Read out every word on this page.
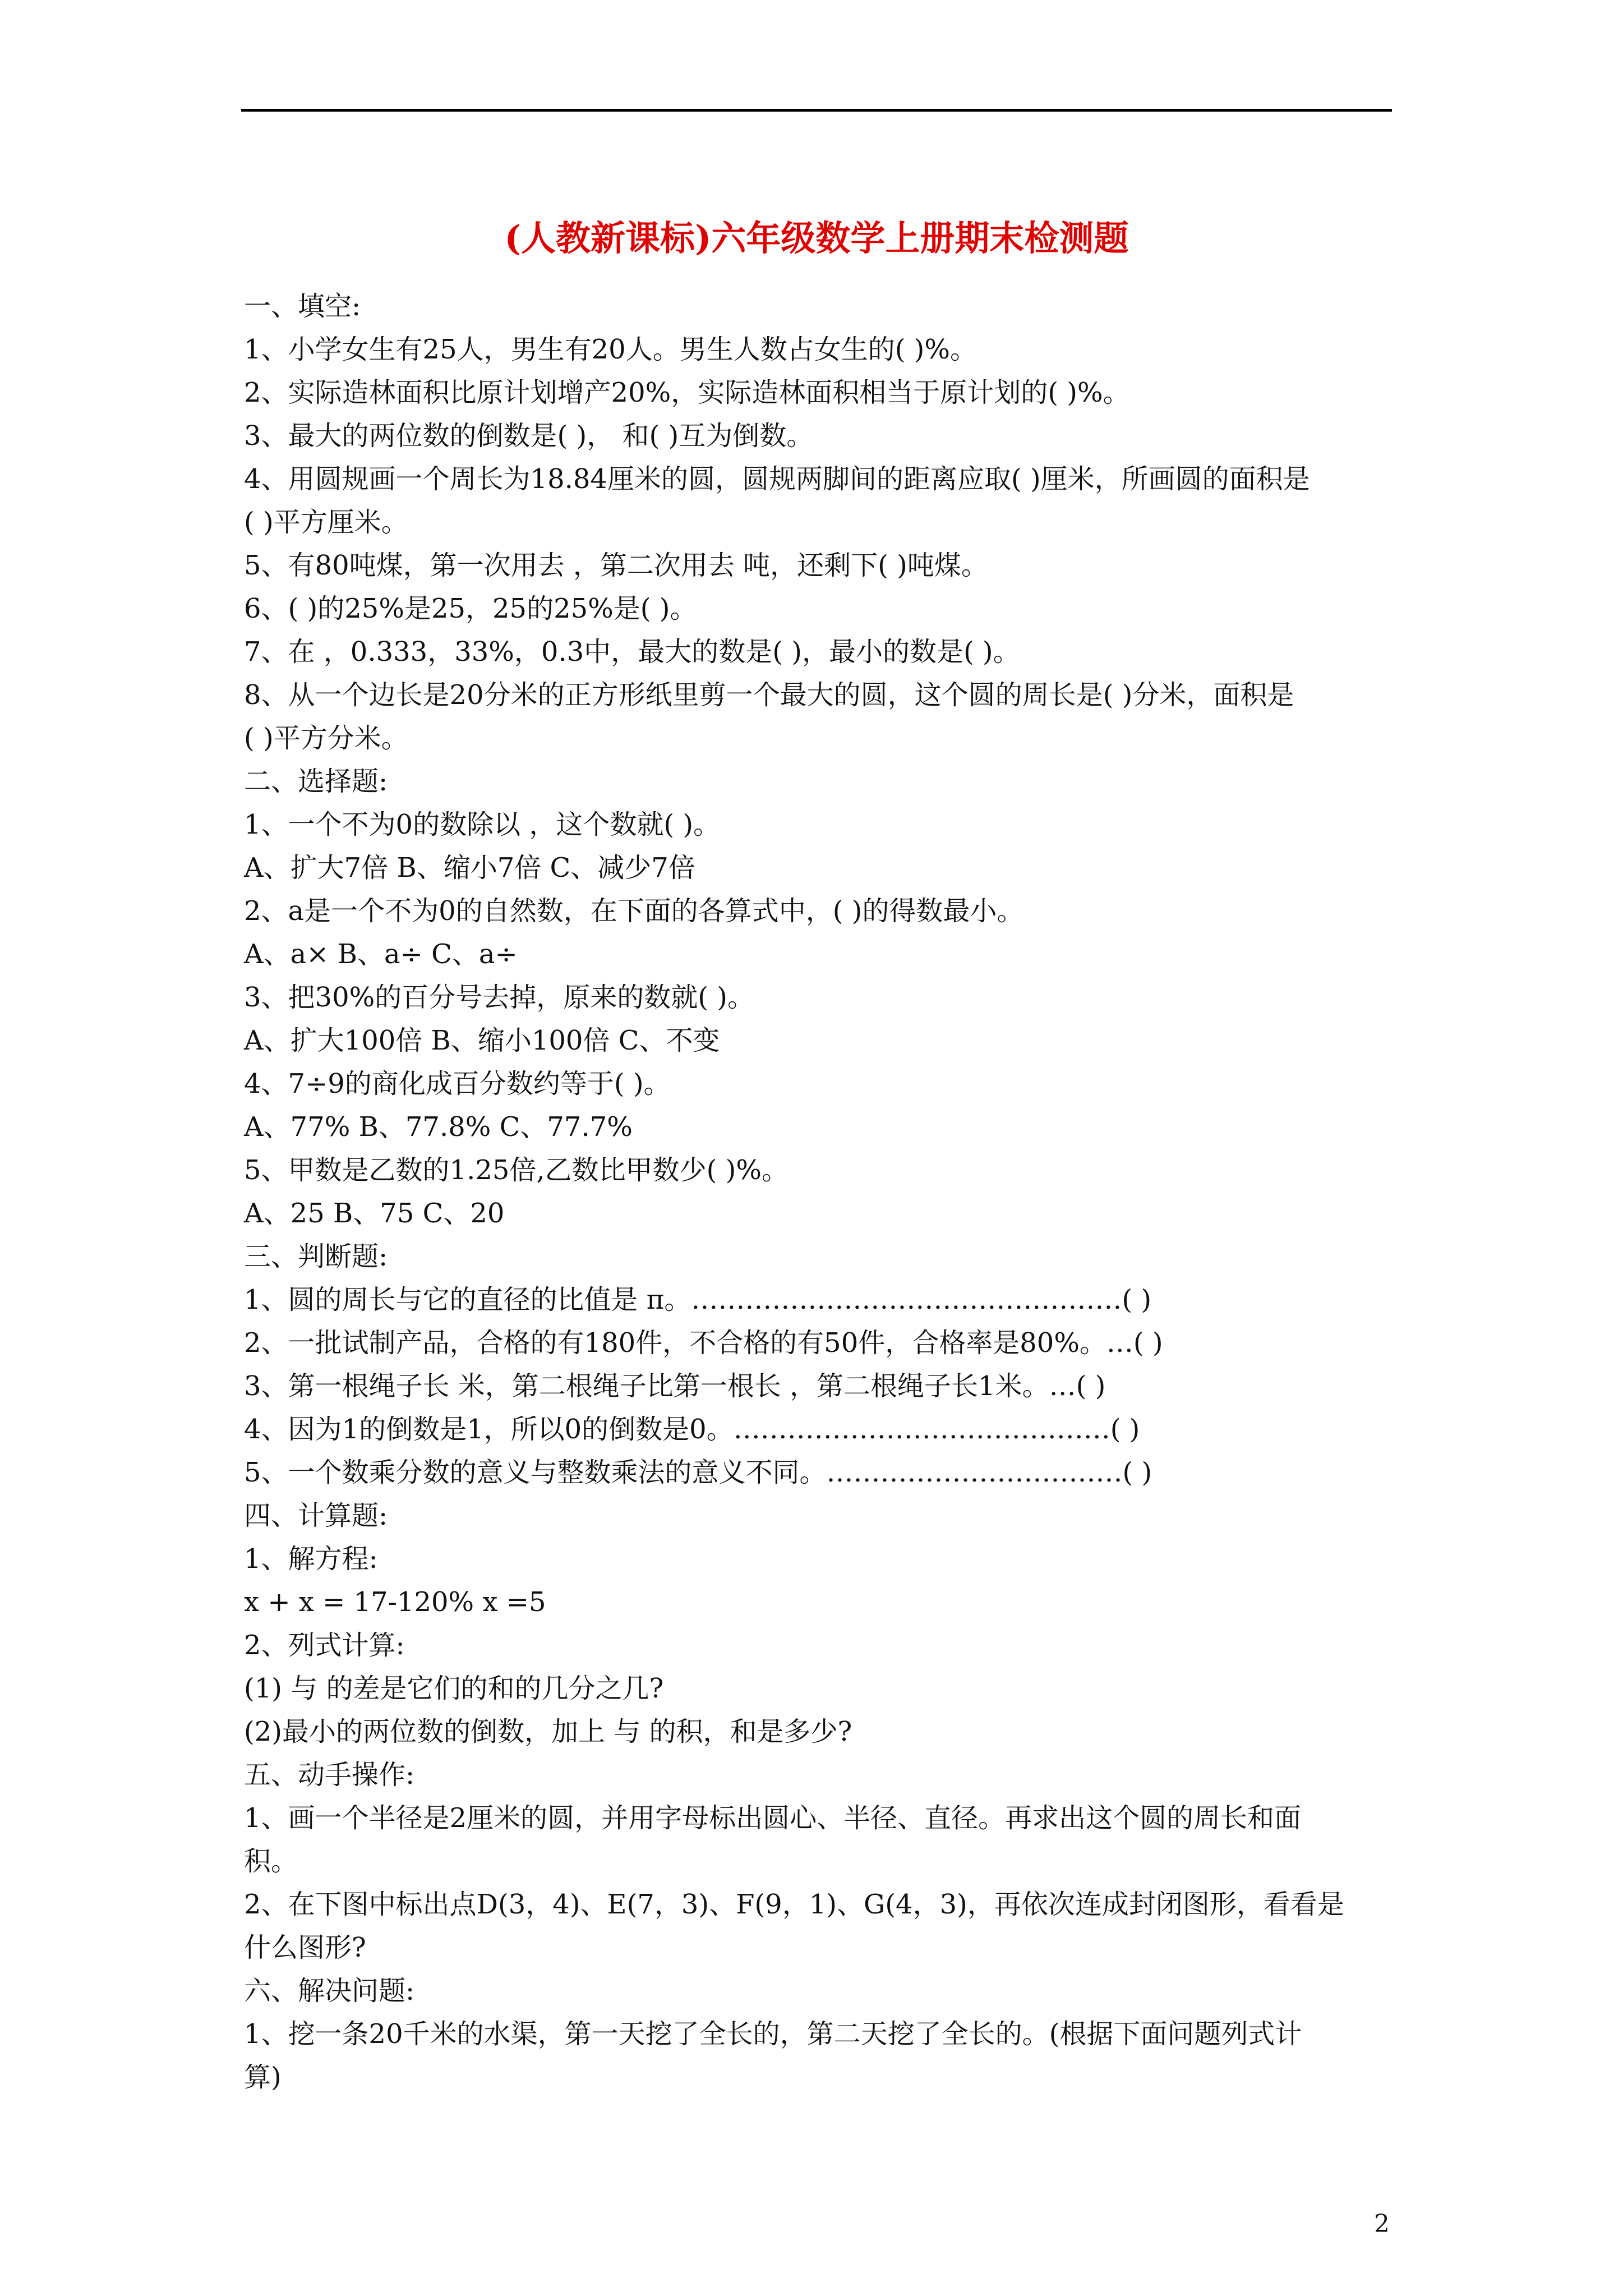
(人教新课标)六年级数学上册期末检测题
一、填空:
1、小学女生有25人，男生有20人。男生人数占女生的( )%。
2、实际造林面积比原计划增产20%，实际造林面积相当于原计划的( )%。
3、最大的两位数的倒数是( )， 和( )互为倒数。
4、用圆规画一个周长为18.84厘米的圆，圆规两脚间的距离应取( )厘米，所画圆的面积是
( )平方厘米。
5、有80吨煤，第一次用去 ，第二次用去 吨，还剩下( )吨煤。
6、( )的25%是25，25的25%是( )。
7、在 ，0.333，33%，0.3中，最大的数是( )，最小的数是( )。
8、从一个边长是20分米的正方形纸里剪一个最大的圆，这个圆的周长是( )分米，面积是
( )平方分米。
二、选择题:
1、一个不为0的数除以 ，这个数就( )。
A、扩大7倍 B、缩小7倍 C、减少7倍
2、a是一个不为0的自然数，在下面的各算式中，( )的得数最小。
A、a× B、a÷ C、a÷
3、把30%的百分号去掉，原来的数就( )。
A、扩大100倍 B、缩小100倍 C、不变
4、7÷9的商化成百分数约等于( )。
A、77% B、77.8% C、77.7%
5、甲数是乙数的1.25倍,乙数比甲数少( )%。
A、25 B、75 C、20
三、判断题:
1、圆的周长与它的直径的比值是 π。…………………………………………( )
2、一批试制产品，合格的有180件，不合格的有50件，合格率是80%。…( )
3、第一根绳子长 米，第二根绳子比第一根长 ，第二根绳子长1米。…( )
4、因为1的倒数是1，所以0的倒数是0。……………………………………( )
5、一个数乘分数的意义与整数乘法的意义不同。……………………………( )
四、计算题:
1、解方程:
x + x = 17-120% x =5
2、列式计算:
(1) 与 的差是它们的和的几分之几?
(2)最小的两位数的倒数，加上 与 的积，和是多少?
五、动手操作:
1、画一个半径是2厘米的圆，并用字母标出圆心、半径、直径。再求出这个圆的周长和面
积。
2、在下图中标出点D(3，4)、E(7，3)、F(9，1)、G(4，3)，再依次连成封闭图形，看看是
什么图形?
六、解决问题:
1、挖一条20千米的水渠，第一天挖了全长的，第二天挖了全长的。(根据下面问题列式计
算)
2
